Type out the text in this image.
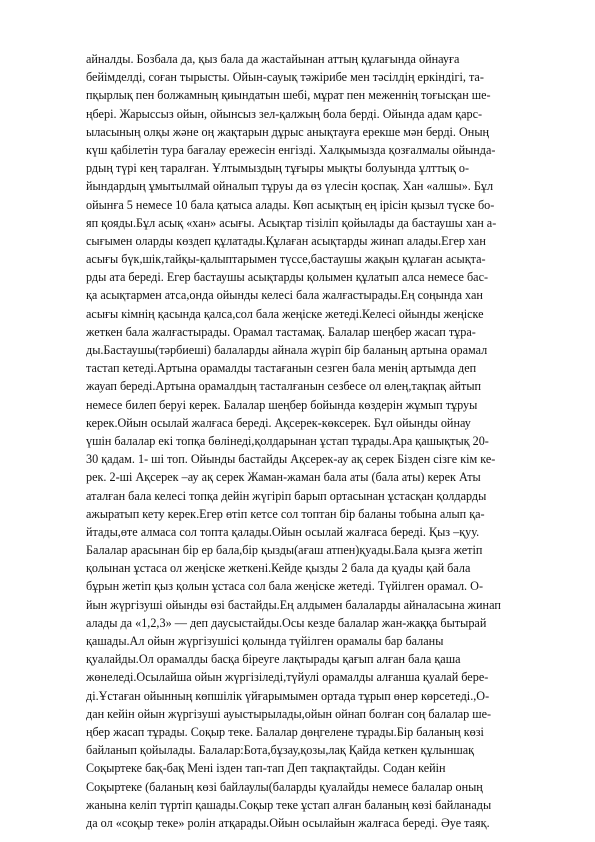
айналды. Бозбала да, қыз бала да жастайынан аттың құлағында ойнауға
бейімделді, соған тырысты. Ойын-сауық тәжірибе мен тәсілдің еркіндігі, та-
пқырлық пен болжамның қиындатын шебі, мұрат пен меженнің тоғысқан ше-
ңбері. Жарыссыз ойын, ойынсыз зел-қалжың бола берді. Ойында адам қарс-
ыласының олқы және оң жақтарын дұрыс анықтауға ерекше мән берді. Оның
күш қабілетін тура бағалау ережесін енгізді. Халқымызда қозғалмалы ойында-
рдың түрі кең таралған. Ұлтымыздың тұғыры мықты болуында ұлттық о-
йындардың ұмытылмай ойналып тұруы да өз үлесін қоспақ. Хан «алшы». Бұл
ойынға 5 немесе 10 бала қатыса алады. Көп асықтың ең ірісін қызыл түске бо-
яп қояды.Бұл асық «хан» асығы. Асықтар тізіліп қойылады да бастаушы хан а-
сығымен оларды көздеп құлатады.Құлаған асықтарды жинап алады.Егер хан
асығы бүк,шік,тайқы-қалыптарымен түссе,бастаушы жақын құлаған асықта-
рды ата береді. Егер бастаушы асықтарды қолымен құлатып алса немесе бас-
қа асықтармен атса,онда ойынды келесі бала жалғастырады.Ең соңында хан
асығы кімнің қасында қалса,сол бала жеңіске жетеді.Келесі ойынды жеңіске
жеткен бала жалғастырады. Орамал тастамақ. Балалар шеңбер жасап тұра-
ды.Бастаушы(тәрбиеші) балаларды айнала жүріп бір баланың артына орамал
тастап кетеді.Артына орамалды тастағанын сезген бала менің артымда деп
жауап береді.Артына орамалдың тасталғанын сезбесе ол өлең,тақпақ айтып
немесе билеп беруі керек. Балалар шеңбер бойында көздерін жұмып тұруы
керек.Ойын осылай жалғаса береді. Ақсерек-көксерек. Бұл ойынды ойнау
үшін балалар екі топқа бөлінеді,қолдарынан ұстап тұрады.Ара қашықтық 20-
30 қадам. 1- ші топ. Ойынды бастайды Ақсерек-ау ақ серек Бізден сізге кім ке-
рек. 2-ші Ақсерек –ау ақ серек Жаман-жаман бала аты (бала аты) керек Аты
аталған бала келесі топқа дейін жүгіріп барып ортасынан ұстасқан қолдарды
ажыратып кету керек.Егер өтіп кетсе сол топтан бір баланы тобына алып қа-
йтады,өте алмаса сол топта қалады.Ойын осылай жалғаса береді. Қыз –қуу.
Балалар арасынан бір ер бала,бір қызды(ағаш атпен)қуады.Бала қызға жетіп
қолынан ұстаса ол жеңіске жеткені.Кейде қызды 2 бала да қуады қай бала
бұрын жетіп қыз қолын ұстаса сол бала жеңіске жетеді. Түйілген орамал. О-
йын жүргізуші ойынды өзі бастайды.Ең алдымен балаларды айналасына жинап
алады да «1,2,3» — деп даусыстайды.Осы кезде балалар жан-жаққа бытырай
қашады.Ал ойын жүргізушісі қолында түйілген орамалы бар баланы
қуалайды.Ол орамалды басқа біреуге лақтырады қағып алған бала қаша
жөнеледі.Осылайша ойын жүргізіледі,түйулі орамалды алғанша қуалай бере-
ді.Ұстаған ойынның көпшілік үйғарымымен ортада тұрып өнер көрсетеді.,О-
дан кейін ойын жүргізуші ауыстырылады,ойын ойнап болған соң балалар ше-
ңбер жасап тұрады. Соқыр теке. Балалар дөңгелене тұрады.Бір баланың көзі
байланып қойылады. Балалар:Бота,бұзау,қозы,лақ Қайда кеткен құлыншақ
Соқыртеке бақ-бақ Мені ізден тап-тап Деп тақпақтайды. Содан кейін
Соқыртеке (баланың көзі байлаулы(баларды қуалайды немесе балалар оның
жанына келіп түртіп қашады.Соқыр теке ұстап алған баланың көзі байланады
да ол «соқыр теке» ролін атқарады.Ойын осылайын жалғаса береді. Әуе таяқ.
